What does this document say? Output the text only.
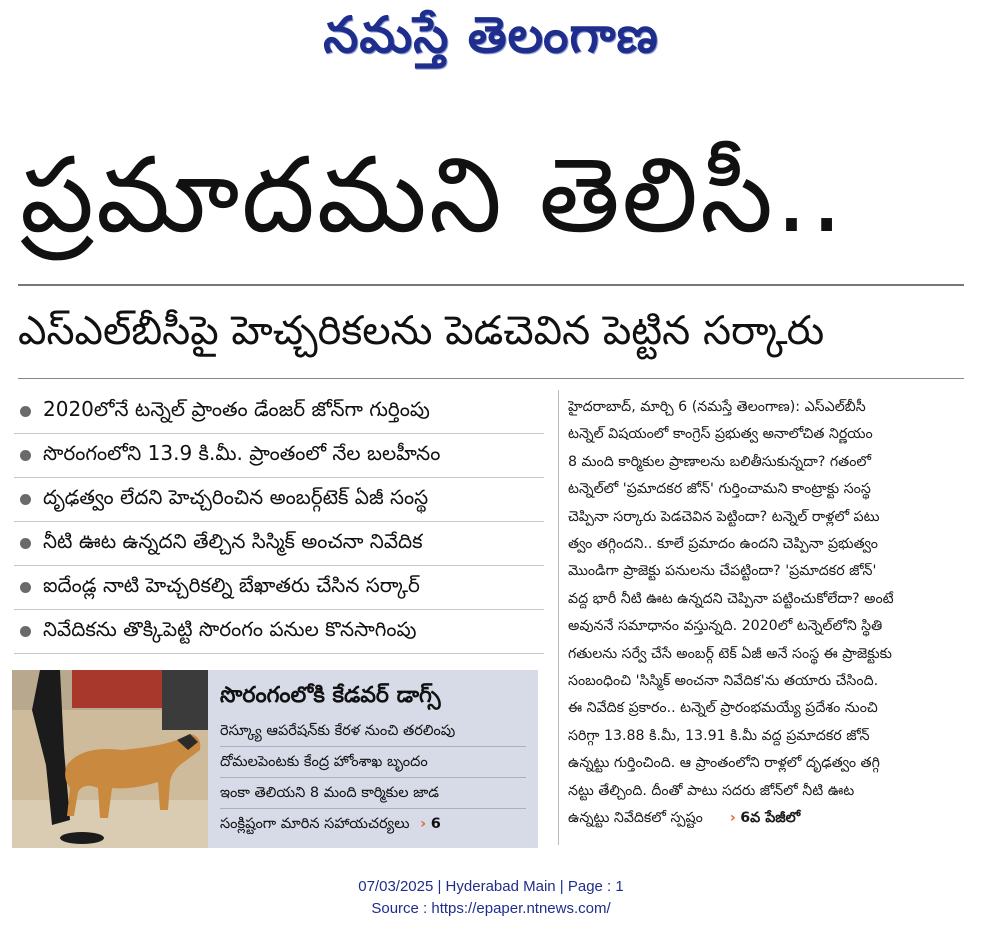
నమస్తే తెలంగాణ
ప్రమాదమని తెలిసీ..
ఎస్ఎల్‌బీసీపై హెచ్చరికలను పెడచెవిన పెట్టిన సర్కారు
2020లోనే టన్నెల్ ప్రాంతం డేంజర్ జోన్‌గా గుర్తింపు
సొరంగంలోని 13.9 కి.మీ. ప్రాంతంలో నేల బలహీనం
దృఢత్వం లేదని హెచ్చరించిన అంబర్గ్‌టెక్ ఏజీ సంస్థ
నీటి ఊట ఉన్నదని తేల్చిన సిస్మిక్ అంచనా నివేదిక
ఐదేండ్ల నాటి హెచ్చరికల్ని బేఖాతరు చేసిన సర్కార్
నివేదికను తొక్కిపెట్టి సొరంగం పనుల కొనసాగింపు
హైదరాబాద్, మార్చి 6 (నమస్తే తెలంగాణ): ఎస్ఎల్‌బీసీ
టన్నెల్ విషయంలో కాంగ్రెస్ ప్రభుత్వ అనాలోచిత నిర్ణయం
8 మంది కార్మికుల ప్రాణాలను బలితీసుకున్నదా? గతంలో
టన్నెల్‌లో 'ప్రమాదకర జోన్' గుర్తించామని కాంట్రాక్టు సంస్థ
చెప్పినా సర్కారు పెడచెవిన పెట్టిందా? టన్నెల్ రాళ్లలో పటు
త్వం తగ్గిందని.. కూలే ప్రమాదం ఉందని చెప్పినా ప్రభుత్వం
మొండిగా ప్రాజెక్టు పనులను చేపట్టిందా? 'ప్రమాదకర జోన్'
వద్ద భారీ నీటి ఊట ఉన్నదని చెప్పినా పట్టించుకోలేదా? అంటే
అవుననే సమాధానం వస్తున్నది. 2020లో టన్నెల్‌లోని స్థితి
గతులను సర్వే చేసే అంబర్గ్ టెక్ ఏజీ అనే సంస్థ ఈ ప్రాజెక్టుకు
సంబంధించి 'సిస్మిక్ అంచనా నివేదిక'ను తయారు చేసింది.
ఈ నివేదిక ప్రకారం.. టన్నెల్ ప్రారంభమయ్యే ప్రదేశం నుంచి
సరిగ్గా 13.88 కి.మీ, 13.91 కి.మీ వద్ద ప్రమాదకర జోన్
ఉన్నట్టు గుర్తించింది. ఆ ప్రాంతంలోని రాళ్లలో దృఢత్వం తగ్గి
నట్టు తేల్చింది. దీంతో పాటు సదరు జోన్‌లో నీటి ఊట
ఉన్నట్టు నివేదికలో స్పష్టం › 6వ పేజీలో
సొరంగంలోకి కేడవర్ డాగ్స్
రెస్క్యూ ఆపరేషన్‌కు కేరళ నుంచి తరలింపు
దోమలపెంటకు కేంద్ర హోంశాఖ బృందం
ఇంకా తెలియని 8 మంది కార్మికుల జాడ
సంక్లిష్టంగా మారిన సహాయచర్యలు › 6
07/03/2025 | Hyderabad Main | Page : 1
Source : https://epaper.ntnews.com/
